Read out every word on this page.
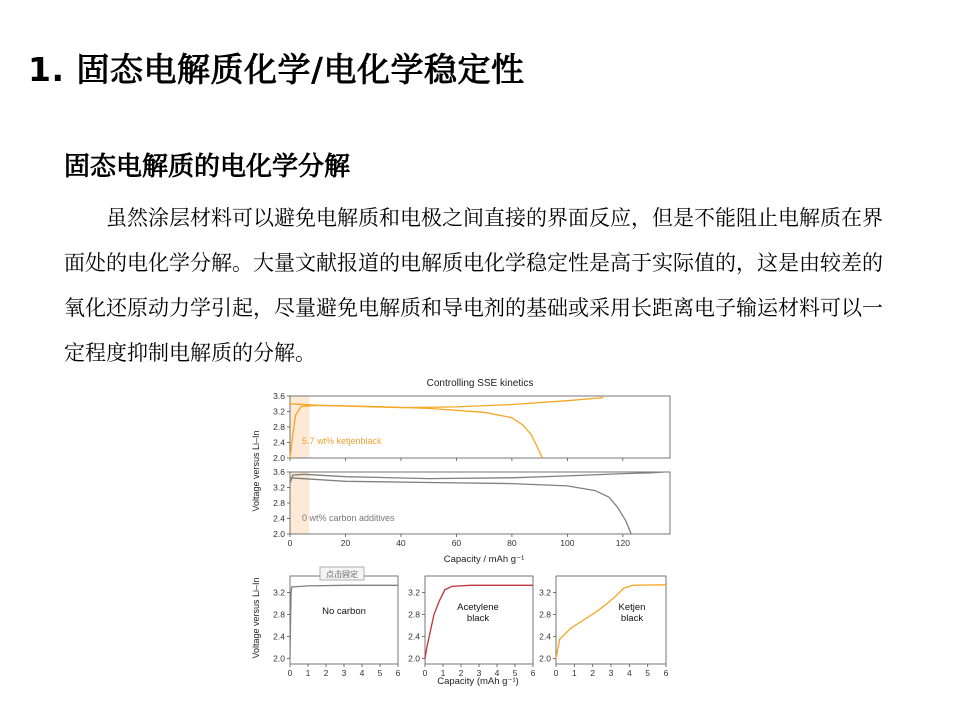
1. 固态电解质化学/电化学稳定性
固态电解质的电化学分解
虽然涂层材料可以避免电解质和电极之间直接的界面反应，但是不能阻止电解质在界面处的电化学分解。大量文献报道的电解质电化学稳定性是高于实际值的，这是由较差的氧化还原动力学引起，尽量避免电解质和导电剂的基础或采用长距离电子输运材料可以一定程度抑制电解质的分解。
Controlling SSE kinetics
2.0
2.4
2.8
3.2
3.6
5.7 wt% ketjenblack
2.0
2.4
2.8
3.2
3.6
0	20	40	60	80	100	120
0 wt% carbon additives
2.0
2.4
2.8
3.2
0 1 2 3 4 5 6
No carbon
2.0
2.4
2.8
3.2
0 1 2 3 4 5 6
Acetylene
black
2.0
2.4
2.8
3.2
0 1 2 3 4 5 6
Ketjen
black
Voltage versus Li–In
Capacity / mAh g⁻¹
Voltage versus Li–In
Capacity (mAh g⁻¹)
点击固定
